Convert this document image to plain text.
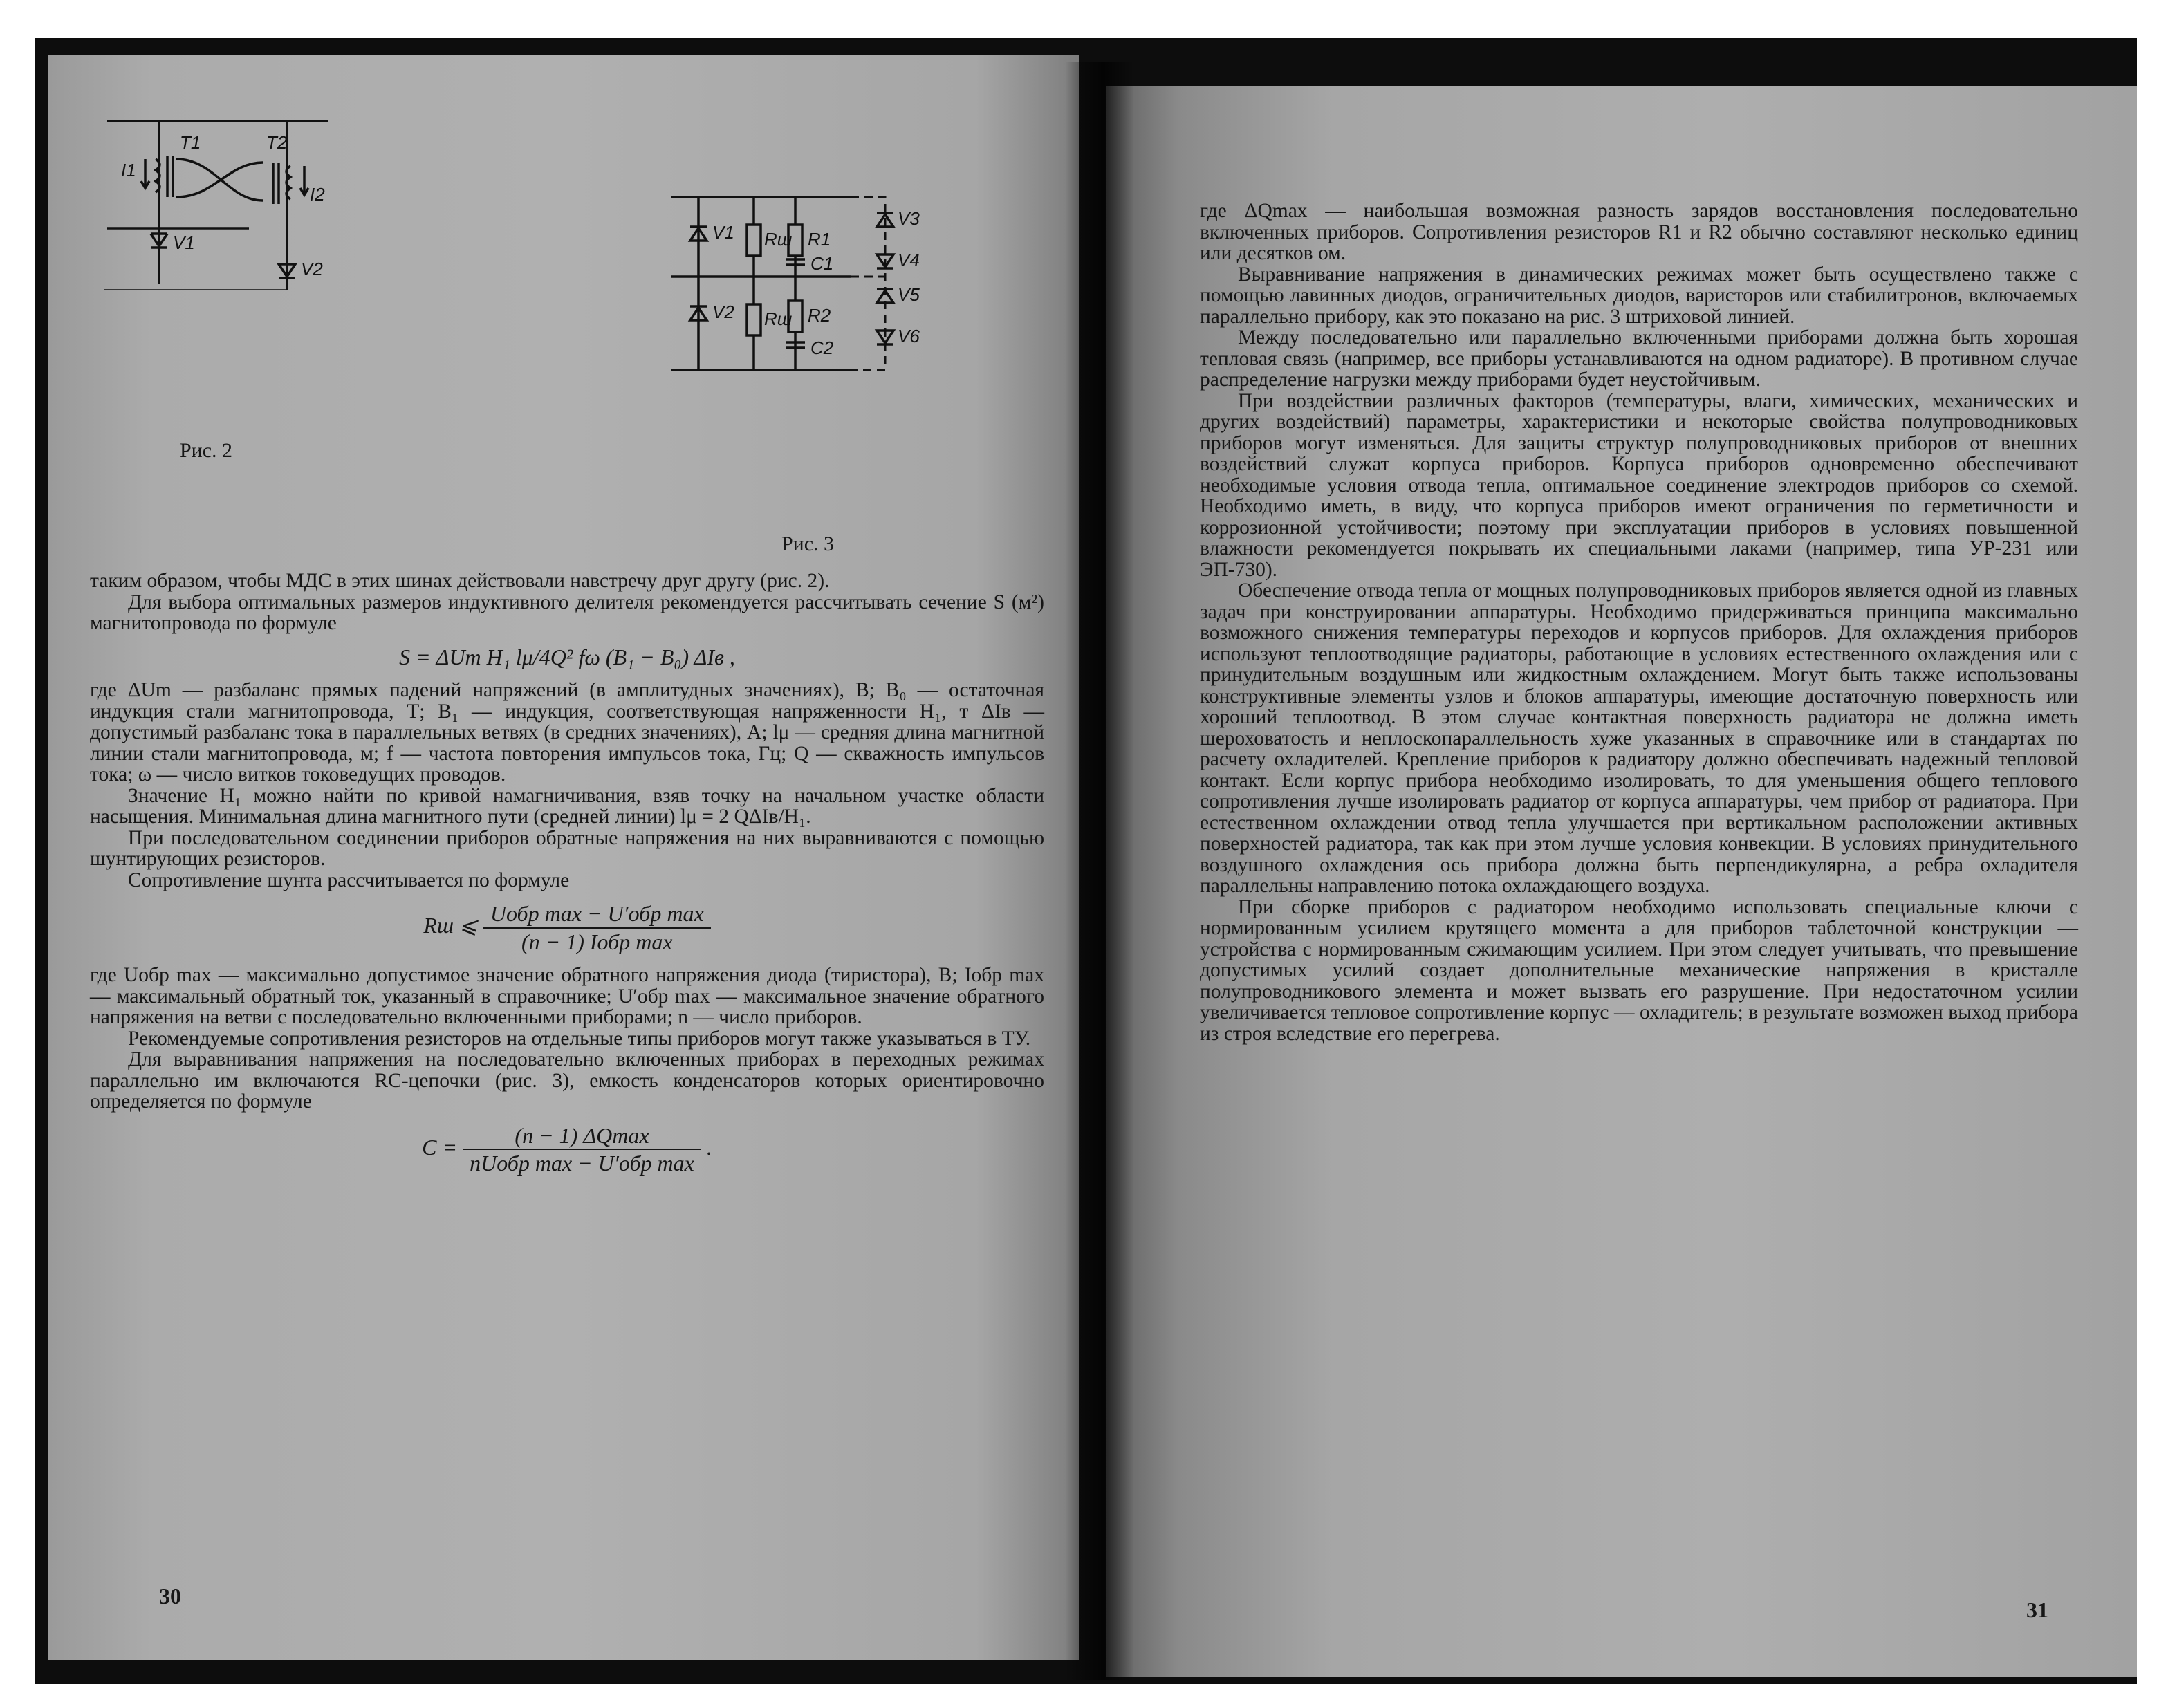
T1	T2
I1
I2
V1
V2
Рис. 2
V1
V2
Rш
Rш
R1
R2
C1
C2
V3
V4
V5
V6
Рис. 3

таким образом, чтобы МДС в этих шинах действовали навстречу друг другу (рис. 2).

Для выбора оптимальных размеров индуктивного делителя рекомендуется рассчитывать сечение S (м²) магнитопровода по формуле

S = ΔUm H₁ lμ/4Q² fω (B₁ − B₀) ΔIв ,

где ΔUm — разбаланс прямых падений напряжений (в амплитудных значениях), В; B₀ — остаточная индукция стали магнитопровода, Т; B₁ — индукция, соответствующая напряженности H₁, т ΔIв — допустимый разбаланс тока в параллельных ветвях (в средних значениях), А; lμ — средняя длина магнитной линии стали магнитопровода, м; f — частота повторения импульсов тока, Гц; Q — скважность импульсов тока; ω — число витков токоведущих проводов.

Значение H₁ можно найти по кривой намагничивания, взяв точку на начальном участке области насыщения. Минимальная длина магнитного пути (средней линии) lμ = 2 QΔIв/H₁.

При последовательном соединении приборов обратные напряжения на них выравниваются с помощью шунтирующих резисторов.

Сопротивление шунта рассчитывается по формуле

Rш ⩽ $\frac{\text{Uобр max − U′обр max}}{\text{(n − 1) Iобр max}}$

где Uобр max — максимально допустимое значение обратного напряжения диода (тиристора), В; Iобр max — максимальный обратный ток, указанный в справочнике; U′обр max — максимальное значение обратного напряжения на ветви с последовательно включенными приборами; n — число приборов.

Рекомендуемые сопротивления резисторов на отдельные типы приборов могут также указываться в ТУ.

Для выравнивания напряжения на последовательно включенных приборах в переходных режимах параллельно им включаются RC-цепочки (рис. 3), емкость конденсаторов которых ориентировочно определяется по формуле

$C = \frac{(n - 1) \Delta Qmax}{\text{nUобр max − U′обр max}}$ .
30

где ΔQmax — наибольшая возможная разность зарядов восстановления последовательно включенных приборов. Сопротивления резисторов R1 и R2 обычно составляют несколько единиц или десятков ом.

Выравнивание напряжения в динамических режимах может быть осуществлено также с помощью лавинных диодов, ограничительных диодов, варисторов или стабилитронов, включаемых параллельно прибору, как это показано на рис. 3 штриховой линией.

Между последовательно или параллельно включенными приборами должна быть хорошая тепловая связь (например, все приборы устанавливаются на одном радиаторе). В противном случае распределение нагрузки между приборами будет неустойчивым.

При воздействии различных факторов (температуры, влаги, химических, механических и других воздействий) параметры, характеристики и некоторые свойства полупроводниковых приборов могут изменяться. Для защиты структур полупроводниковых приборов от внешних воздействий служат корпуса приборов. Корпуса приборов одновременно обеспечивают необходимые условия отвода тепла, оптимальное соединение электродов приборов со схемой. Необходимо иметь, в виду, что корпуса приборов имеют ограничения по герметичности и коррозионной устойчивости; поэтому при эксплуатации приборов в условиях повышенной влажности рекомендуется покрывать их специальными лаками (например, типа УР-231 или ЭП-730).

Обеспечение отвода тепла от мощных полупроводниковых приборов является одной из главных задач при конструировании аппаратуры. Необходимо придерживаться принципа максимально возможного снижения температуры переходов и корпусов приборов. Для охлаждения приборов используют теплоотводящие радиаторы, работающие в условиях естественного охлаждения или с принудительным воздушным или жидкостным охлаждением. Могут быть также использованы конструктивные элементы узлов и блоков аппаратуры, имеющие достаточную поверхность или хороший теплоотвод. В этом случае контактная поверхность радиатора не должна иметь шероховатость и неплоскопараллельность хуже указанных в справочнике или в стандартах по расчету охладителей. Крепление приборов к радиатору должно обеспечивать надежный тепловой контакт. Если корпус прибора необходимо изолировать, то для уменьшения общего теплового сопротивления лучше изолировать радиатор от корпуса аппаратуры, чем прибор от радиатора. При естественном охлаждении отвод тепла улучшается при вертикальном расположении активных поверхностей радиатора, так как при этом лучше условия конвекции. В условиях принудительного воздушного охлаждения ось прибора должна быть перпендикулярна, а ребра охладителя параллельны направлению потока охлаждающего воздуха.

При сборке приборов с радиатором необходимо использовать специальные ключи с нормированным усилием крутящего момента а для приборов таблеточной конструкции — устройства с нормированным сжимающим усилием. При этом следует учитывать, что превышение допустимых усилий создает дополнительные механические напряжения в кристалле полупроводникового элемента и может вызвать его разрушение. При недостаточном усилии увеличивается тепловое сопротивление корпус — охладитель; в результате возможен выход прибора из строя вследствие его перегрева.

31
